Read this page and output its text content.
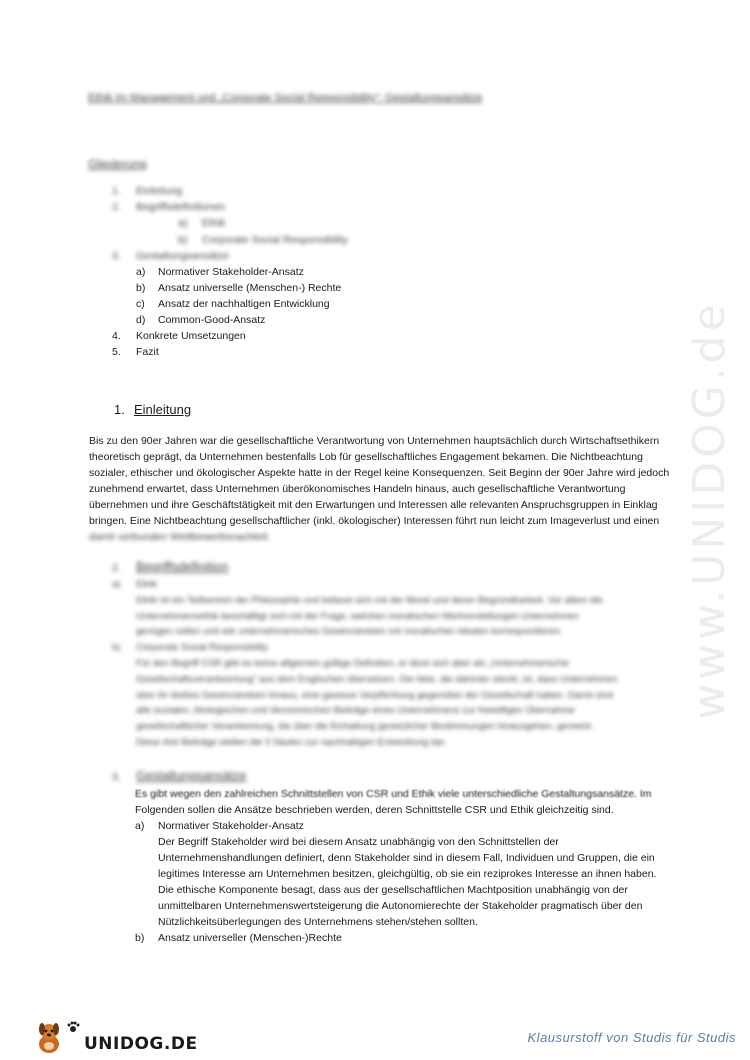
Ethik im Management und „Corporate Social Responsibility“: Gestaltungsansätze
Gliederung
1. Einleitung
2. Begriffsdefinitionen
a) Ethik
b) Corporate Social Responsibility
3. Gestaltungsansätze
a) Normativer Stakeholder-Ansatz
b) Ansatz universelle (Menschen-) Rechte
c) Ansatz der nachhaltigen Entwicklung
d) Common-Good-Ansatz
4. Konkrete Umsetzungen
5. Fazit
1. Einleitung
Bis zu den 90er Jahren war die gesellschaftliche Verantwortung von Unternehmen hauptsächlich durch Wirtschaftsethikern
theoretisch geprägt, da Unternehmen bestenfalls Lob für gesellschaftliches Engagement bekamen. Die Nichtbeachtung
sozialer, ethischer und ökologischer Aspekte hatte in der Regel keine Konsequenzen. Seit Beginn der 90er Jahre wird jedoch
zunehmend erwartet, dass Unternehmen überökonomisches Handeln hinaus, auch gesellschaftliche Verantwortung
übernehmen und ihre Geschäftstätigkeit mit den Erwartungen und Interessen alle relevanten Anspruchsgruppen in Einklag
bringen. Eine Nichtbeachtung gesellschaftlicher (inkl. ökologischer) Interessen führt nun leicht zum Imageverlust und einen
damit verbunden Wettbewerbsnachteil.
2. Begriffsdefinition
a) Ethik
Ethik ist ein Teilbereich der Philosophie und befasst sich mit der Moral und deren Begründbarkeit. Vor allem die
Unternehmensethik beschäftigt sich mit der Frage, welchen moralischen Wertvorstellungen Unternehmen
genügen sollen und wie unternehmerisches Gewinnstreben mit moralischen Idealen korrespondieren.
b) Corporate Social Responsibility
Für den Begriff CSR gibt es keine allgemein gültige Definition, er lässt sich aber als „Unternehmerische
Gesellschaftsverantwortung“ aus dem Englischen übersetzen. Die Idee, die dahinter steckt, ist, dass Unternehmen
über ihr bloßes Gewinnstreben hinaus, eine gewisse Verpflichtung gegenüber der Gesellschaft haben. Damit sind
alle sozialen, ökologischen und ökonomischen Beiträge eines Unternehmens zur freiwilligen Übernahme
gesellschaftlicher Verantwortung, die über die Einhaltung gesetzlicher Bestimmungen hinausgehen, gemeint.
Diese drei Beiträge stellen die 3 Säulen zur nachhaltigen Entwicklung dar.
3. Gestaltungsansätze
Es gibt wegen den zahlreichen Schnittstellen von CSR und Ethik viele unterschiedliche Gestaltungsansätze. Im
Folgenden sollen die Ansätze beschrieben werden, deren Schnittstelle CSR und Ethik gleichzeitig sind.
a) Normativer Stakeholder-Ansatz
Der Begriff Stakeholder wird bei diesem Ansatz unabhängig von den Schnittstellen der
Unternehmenshandlungen definiert, denn Stakeholder sind in diesem Fall, Individuen und Gruppen, die ein
legitimes Interesse am Unternehmen besitzen, gleichgültig, ob sie ein reziprokes Interesse an ihnen haben.
Die ethische Komponente besagt, dass aus der gesellschaftlichen Machtposition unabhängig von der
unmittelbaren Unternehmenswertsteigerung die Autonomierechte der Stakeholder pragmatisch über den
Nützlichkeitsüberlegungen des Unternehmens stehen/stehen sollten.
b) Ansatz universeller (Menschen-)Rechte
www.UNIDOG.de
UNIDOG.DE	Klausurstoff von Studis für Studis
